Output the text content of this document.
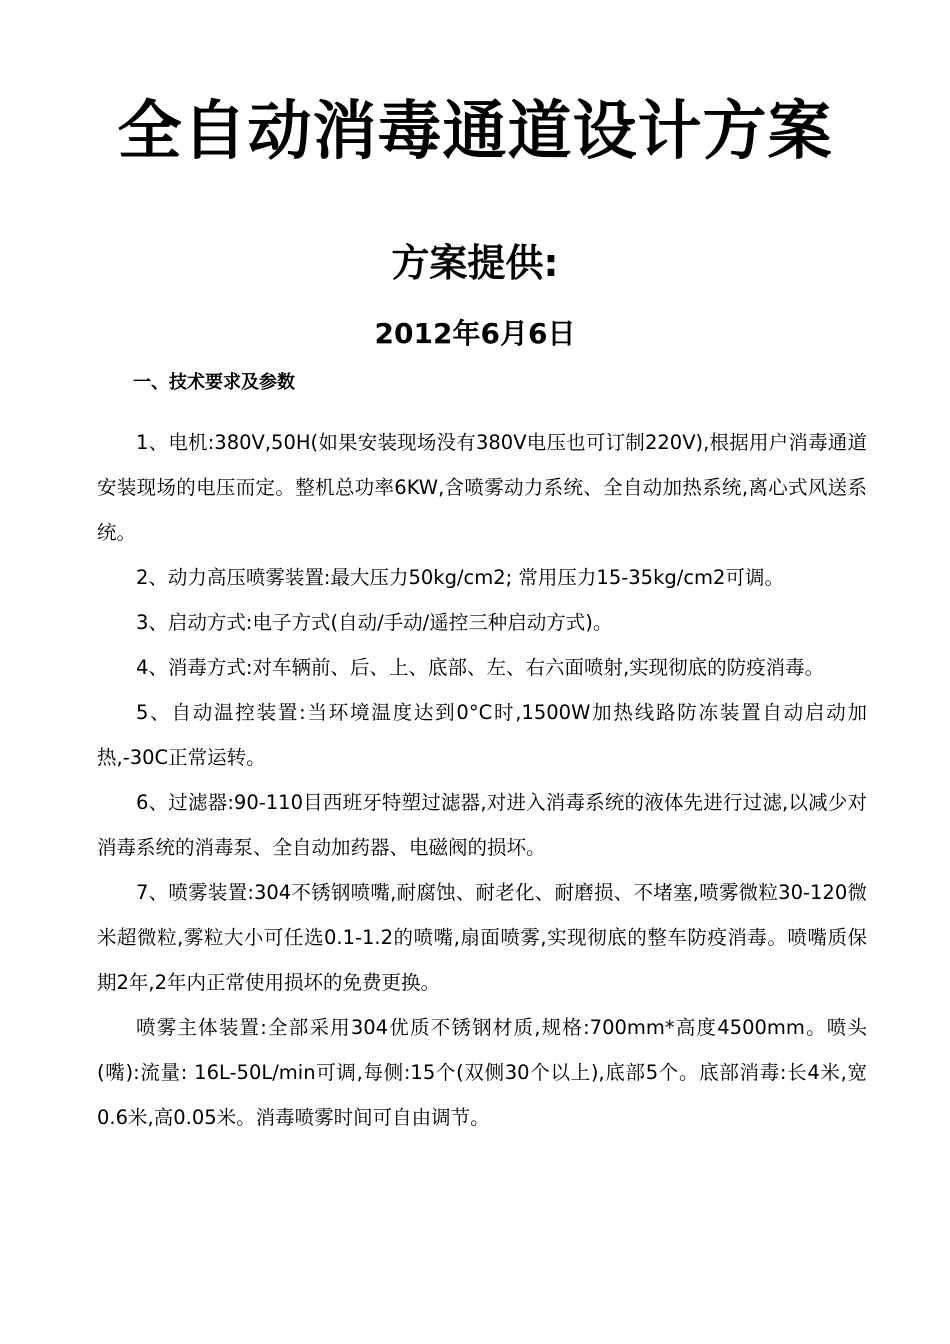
全自动消毒通道设计方案
方案提供:
2012年6月6日
一、技术要求及参数

1、电机:380V,50H(如果安装现场没有380V电压也可订制220V),根据用户消毒通道安装现场的电压而定。整机总功率6KW,含喷雾动力系统、全自动加热系统,离心式风送系统。

2、动力高压喷雾装置:最大压力50kg/cm2; 常用压力15-35kg/cm2可调。

3、启动方式:电子方式(自动/手动/遥控三种启动方式)。

4、消毒方式:对车辆前、后、上、底部、左、右六面喷射,实现彻底的防疫消毒。

5、自动温控装置:当环境温度达到0°C时,1500W加热线路防冻装置自动启动加热,-30C正常运转。

6、过滤器:90-110目西班牙特塑过滤器,对进入消毒系统的液体先进行过滤,以减少对消毒系统的消毒泵、全自动加药器、电磁阀的损坏。

7、喷雾装置:304不锈钢喷嘴,耐腐蚀、耐老化、耐磨损、不堵塞,喷雾微粒30-120微米超微粒,雾粒大小可任选0.1-1.2的喷嘴,扇面喷雾,实现彻底的整车防疫消毒。喷嘴质保期2年,2年内正常使用损坏的免费更换。

喷雾主体装置:全部采用304优质不锈钢材质,规格:700mm*高度4500mm。喷头(嘴):流量: 16L-50L/min可调,每侧:15个(双侧30个以上),底部5个。底部消毒:长4米,宽0.6米,高0.05米。消毒喷雾时间可自由调节。
